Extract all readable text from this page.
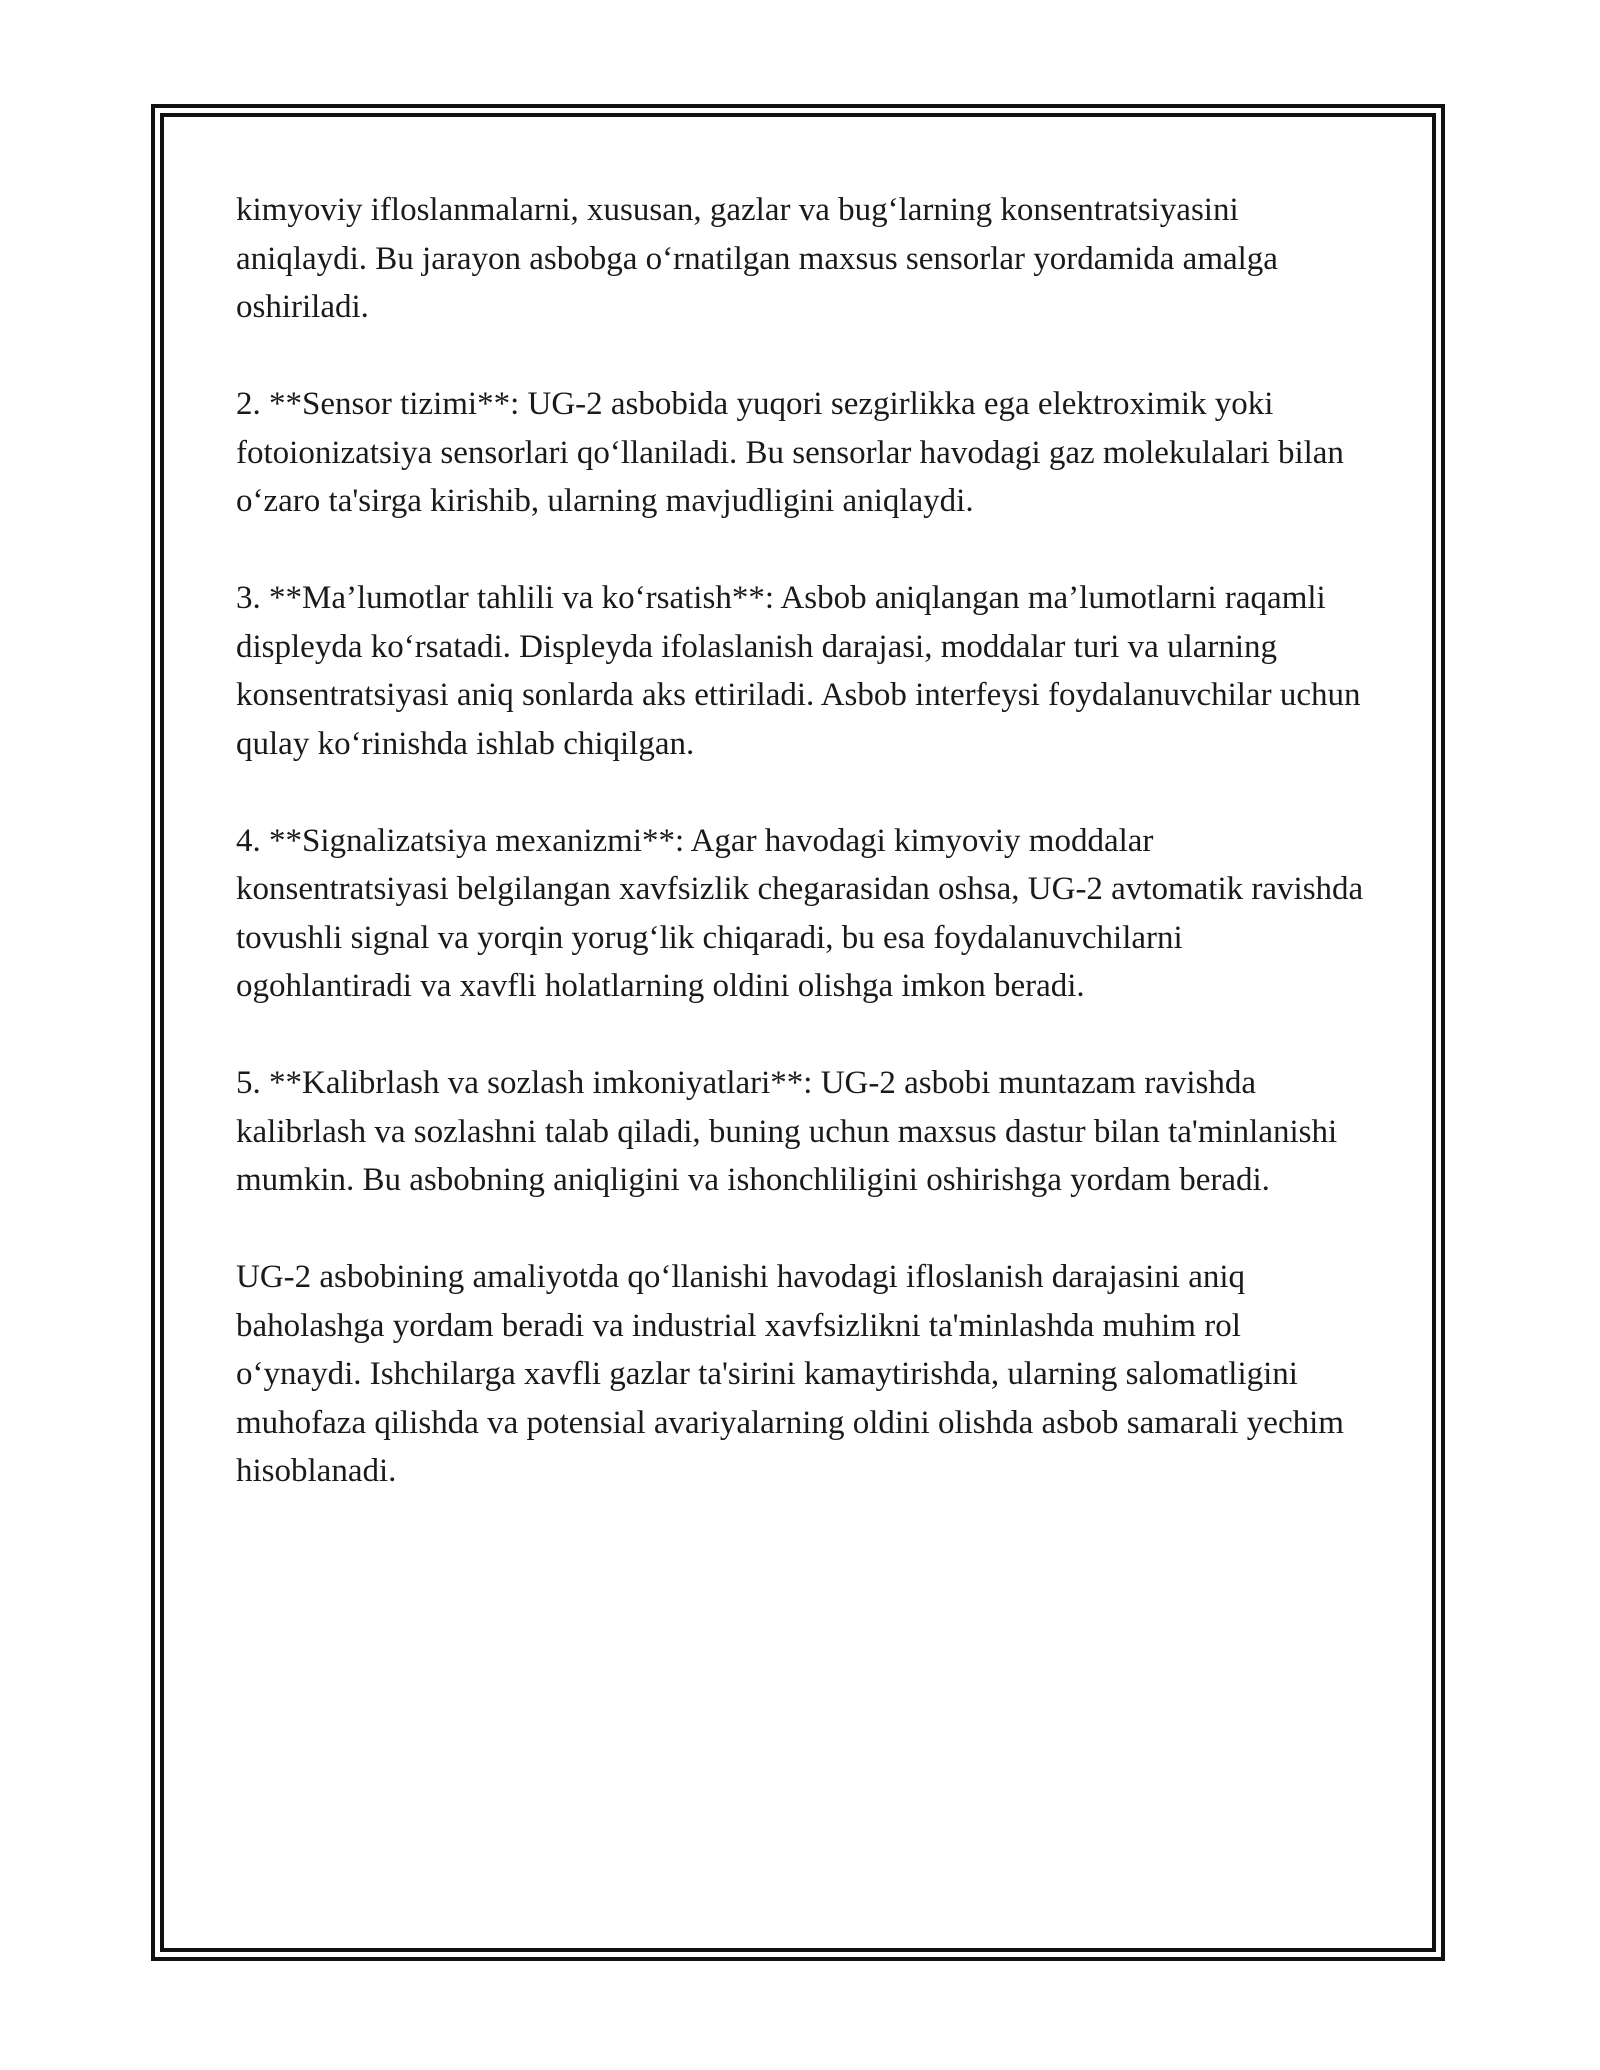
kimyoviy ifloslanmalarni, xususan, gazlar va bug‘larning konsentratsiyasini aniqlaydi. Bu jarayon asbobga o‘rnatilgan maxsus sensorlar yordamida amalga oshiriladi.

2. **Sensor tizimi**: UG-2 asbobida yuqori sezgirlikka ega elektroximik yoki fotoionizatsiya sensorlari qo‘llaniladi. Bu sensorlar havodagi gaz molekulalari bilan o‘zaro ta'sirga kirishib, ularning mavjudligini aniqlaydi.

3. **Ma’lumotlar tahlili va ko‘rsatish**: Asbob aniqlangan ma’lumotlarni raqamli displeyda ko‘rsatadi. Displeyda ifolaslanish darajasi, moddalar turi va ularning konsentratsiyasi aniq sonlarda aks ettiriladi. Asbob interfeysi foydalanuvchilar uchun qulay ko‘rinishda ishlab chiqilgan.

4. **Signalizatsiya mexanizmi**: Agar havodagi kimyoviy moddalar konsentratsiyasi belgilangan xavfsizlik chegarasidan oshsa, UG-2 avtomatik ravishda tovushli signal va yorqin yorug‘lik chiqaradi, bu esa foydalanuvchilarni ogohlantiradi va xavfli holatlarning oldini olishga imkon beradi.

5. **Kalibrlash va sozlash imkoniyatlari**: UG-2 asbobi muntazam ravishda kalibrlash va sozlashni talab qiladi, buning uchun maxsus dastur bilan ta'minlanishi mumkin. Bu asbobning aniqligini va ishonchliligini oshirishga yordam beradi.

UG-2 asbobining amaliyotda qo‘llanishi havodagi ifloslanish darajasini aniq baholashga yordam beradi va industrial xavfsizlikni ta'minlashda muhim rol o‘ynaydi. Ishchilarga xavfli gazlar ta'sirini kamaytirishda, ularning salomatligini muhofaza qilishda va potensial avariyalarning oldini olishda asbob samarali yechim hisoblanadi.
